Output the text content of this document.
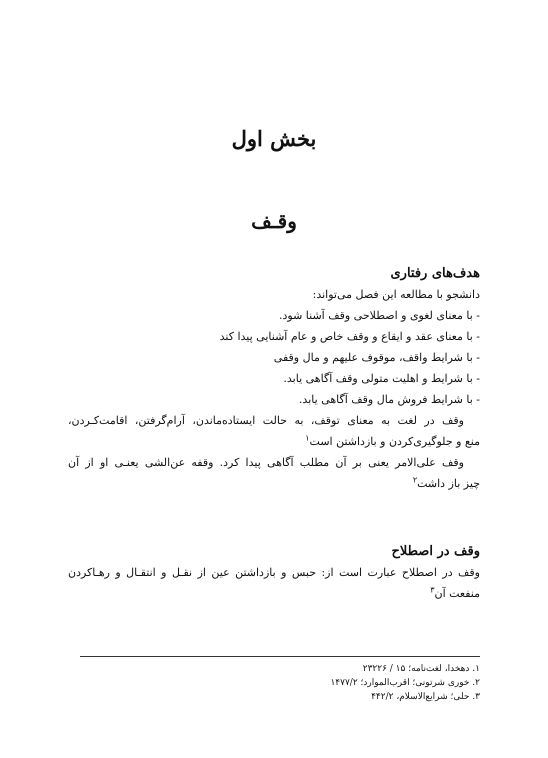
بخش اول
وقـف
هدف‌های رفتاری
دانشجو با مطالعه این فصل می‌تواند:
- با معنای لغوی و اصطلاحی وقف آشنا شود.
- با معنای عقد و ایقاع و وقف خاص و عام آشنایی پیدا کند
- با شرایط واقف، موقوف علیهم و مال وقفی
- با شرایط و اهلیت متولی وقف آگاهی یابد.
- با شرایط فروش مال وقف آگاهی یابد.
وقف در لغت به معنای توقف، به حالت ایستاده‌ماندن، آرام‌گرفتن، اقامت‌کـردن،
منع و جلوگیری‌کردن و بازداشتن است$^۱$
وقف علی‌الامر یعنی بر آن مطلب آگاهی پیدا کرد. وقفه عن‌الشی یعنـی او از آن
چیز باز داشت$^۲$
وقف در اصطلاح
وقف در اصطلاح عبارت است از: حبس و بازداشتن عین از نقـل و انتقـال و رهـاکردن
منفعت آن$^۳$
۱. دهخدا، لغت‌نامه؛ ۱۵ / ۲۳۲۲۶
۲. خوری شرتونی؛ اقرب‌الموارد؛ ۱۴۷۷/۲
۳. حلی؛ شرایع‌الاسلام، ۴۴۲/۲
